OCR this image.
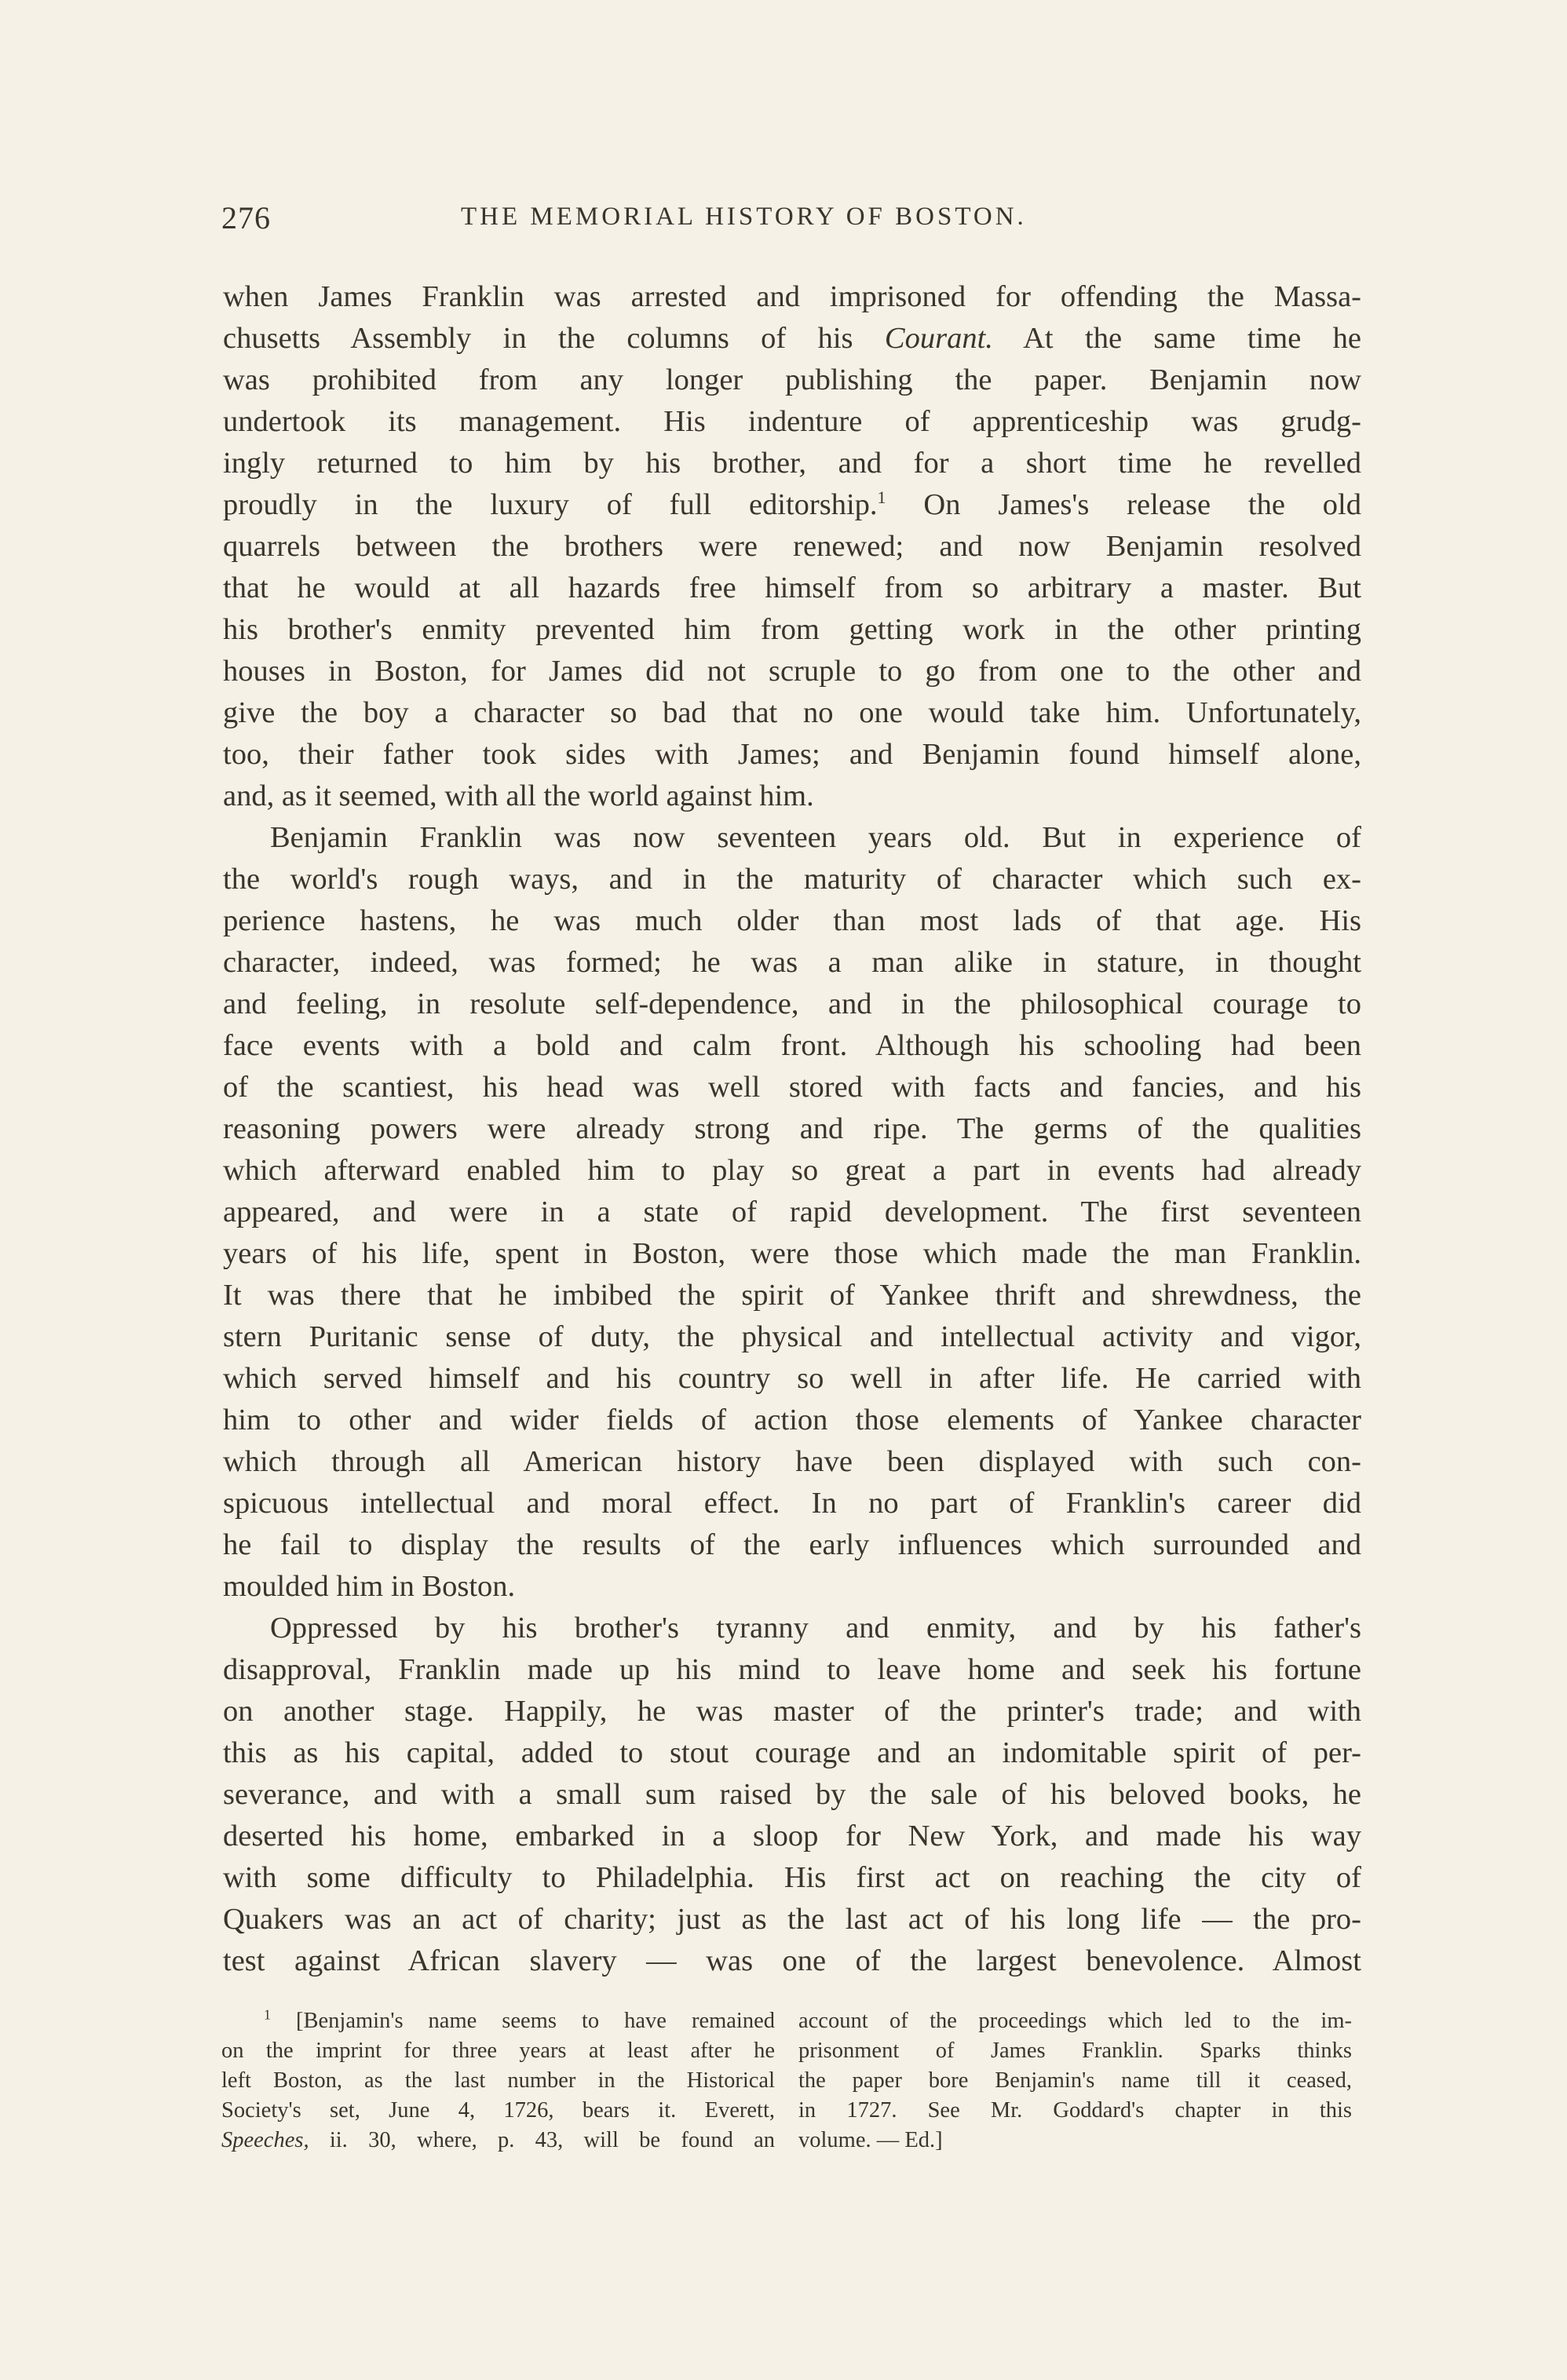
276	THE MEMORIAL HISTORY OF BOSTON.
when James Franklin was arrested and imprisoned for offending the Massa-
chusetts Assembly in the columns of his Courant. At the same time he
was prohibited from any longer publishing the paper. Benjamin now
undertook its management. His indenture of apprenticeship was grudg-
ingly returned to him by his brother, and for a short time he revelled
proudly in the luxury of full editorship.$^1$ On James's release the old
quarrels between the brothers were renewed; and now Benjamin resolved
that he would at all hazards free himself from so arbitrary a master. But
his brother's enmity prevented him from getting work in the other printing
houses in Boston, for James did not scruple to go from one to the other and
give the boy a character so bad that no one would take him. Unfortunately,
too, their father took sides with James; and Benjamin found himself alone,
and, as it seemed, with all the world against him.
Benjamin Franklin was now seventeen years old. But in experience of
the world's rough ways, and in the maturity of character which such ex-
perience hastens, he was much older than most lads of that age. His
character, indeed, was formed; he was a man alike in stature, in thought
and feeling, in resolute self-dependence, and in the philosophical courage to
face events with a bold and calm front. Although his schooling had been
of the scantiest, his head was well stored with facts and fancies, and his
reasoning powers were already strong and ripe. The germs of the qualities
which afterward enabled him to play so great a part in events had already
appeared, and were in a state of rapid development. The first seventeen
years of his life, spent in Boston, were those which made the man Franklin.
It was there that he imbibed the spirit of Yankee thrift and shrewdness, the
stern Puritanic sense of duty, the physical and intellectual activity and vigor,
which served himself and his country so well in after life. He carried with
him to other and wider fields of action those elements of Yankee character
which through all American history have been displayed with such con-
spicuous intellectual and moral effect. In no part of Franklin's career did
he fail to display the results of the early influences which surrounded and
moulded him in Boston.
Oppressed by his brother's tyranny and enmity, and by his father's
disapproval, Franklin made up his mind to leave home and seek his fortune
on another stage. Happily, he was master of the printer's trade; and with
this as his capital, added to stout courage and an indomitable spirit of per-
severance, and with a small sum raised by the sale of his beloved books, he
deserted his home, embarked in a sloop for New York, and made his way
with some difficulty to Philadelphia. His first act on reaching the city of
Quakers was an act of charity; just as the last act of his long life — the pro-
test against African slavery — was one of the largest benevolence. Almost
$^1$ [Benjamin's name seems to have remained
on the imprint for three years at least after he
left Boston, as the last number in the Historical
Society's set, June 4, 1726, bears it. Everett,
Speeches, ii. 30, where, p. 43, will be found an
account of the proceedings which led to the im-
prisonment of James Franklin. Sparks thinks
the paper bore Benjamin's name till it ceased,
in 1727. See Mr. Goddard's chapter in this
volume. — Ed.]
